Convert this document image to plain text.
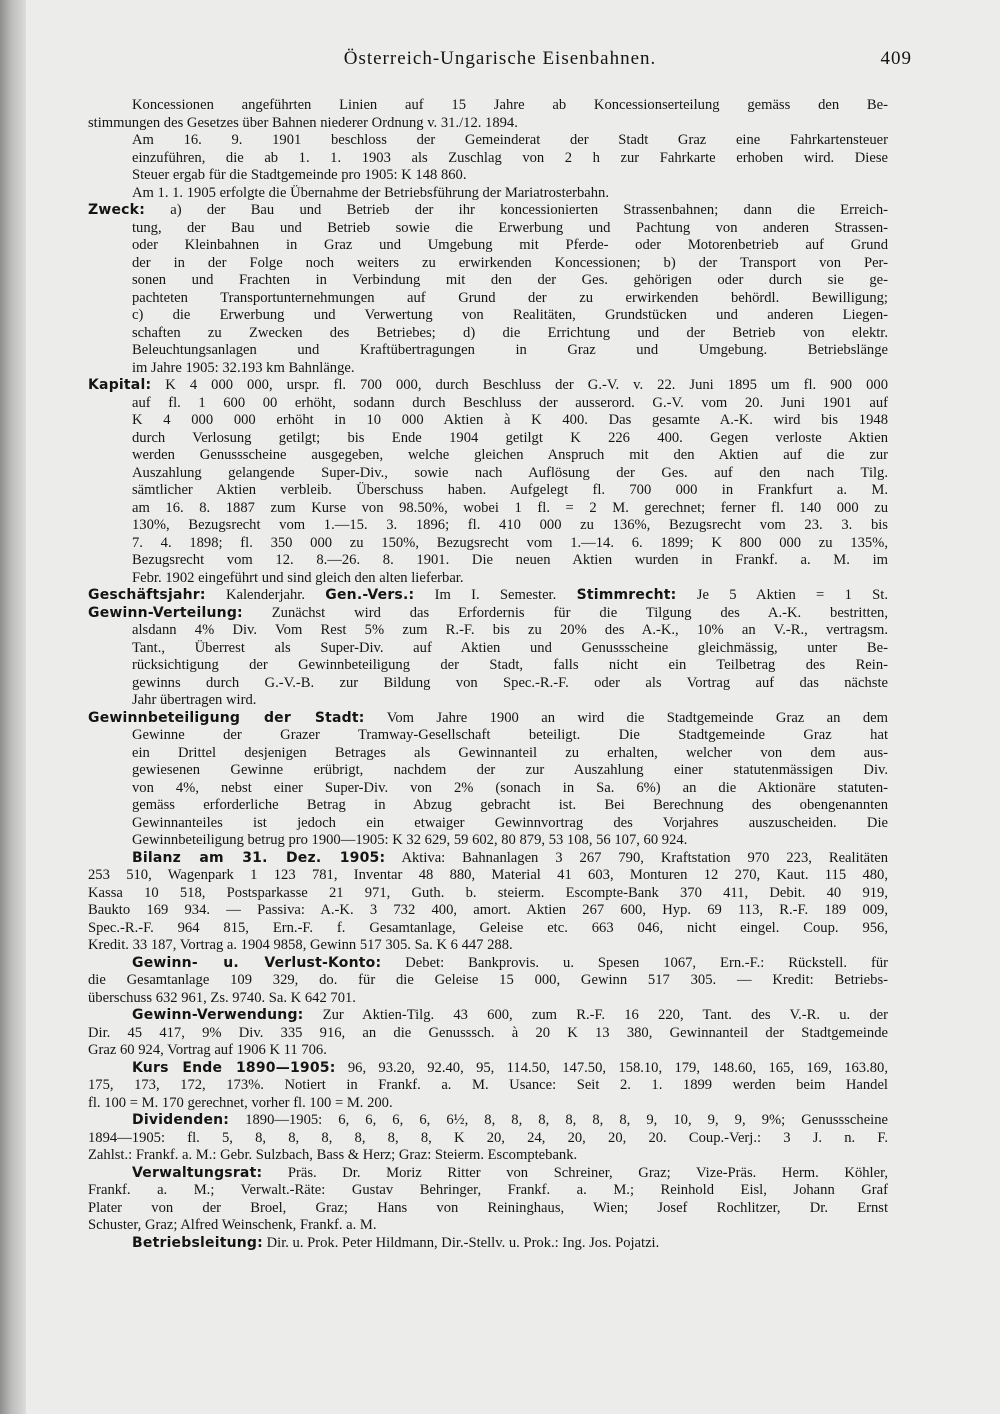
Österreich-Ungarische Eisenbahnen.	409
Koncessionen angeführten Linien auf 15 Jahre ab Koncessionserteilung gemäss den Be-
stimmungen des Gesetzes über Bahnen niederer Ordnung v. 31./12. 1894.
Am 16. 9. 1901 beschloss der Gemeinderat der Stadt Graz eine Fahrkartensteuer
einzuführen, die ab 1. 1. 1903 als Zuschlag von 2 h zur Fahrkarte erhoben wird. Diese
Steuer ergab für die Stadtgemeinde pro 1905: K 148 860.
Am 1. 1. 1905 erfolgte die Übernahme der Betriebsführung der Mariatrosterbahn.
Zweck: a) der Bau und Betrieb der ihr koncessionierten Strassenbahnen; dann die Erreich-
tung, der Bau und Betrieb sowie die Erwerbung und Pachtung von anderen Strassen-
oder Kleinbahnen in Graz und Umgebung mit Pferde- oder Motorenbetrieb auf Grund
der in der Folge noch weiters zu erwirkenden Koncessionen; b) der Transport von Per-
sonen und Frachten in Verbindung mit den der Ges. gehörigen oder durch sie ge-
pachteten Transportunternehmungen auf Grund der zu erwirkenden behördl. Bewilligung;
c) die Erwerbung und Verwertung von Realitäten, Grundstücken und anderen Liegen-
schaften zu Zwecken des Betriebes; d) die Errichtung und der Betrieb von elektr.
Beleuchtungsanlagen und Kraftübertragungen in Graz und Umgebung. Betriebslänge
im Jahre 1905: 32.193 km Bahnlänge.
Kapital: K 4 000 000, urspr. fl. 700 000, durch Beschluss der G.-V. v. 22. Juni 1895 um fl. 900 000
auf fl. 1 600 00 erhöht, sodann durch Beschluss der ausserord. G.-V. vom 20. Juni 1901 auf
K 4 000 000 erhöht in 10 000 Aktien à K 400. Das gesamte A.-K. wird bis 1948
durch Verlosung getilgt; bis Ende 1904 getilgt K 226 400. Gegen verloste Aktien
werden Genussscheine ausgegeben, welche gleichen Anspruch mit den Aktien auf die zur
Auszahlung gelangende Super-Div., sowie nach Auflösung der Ges. auf den nach Tilg.
sämtlicher Aktien verbleib. Überschuss haben. Aufgelegt fl. 700 000 in Frankfurt a. M.
am 16. 8. 1887 zum Kurse von 98.50%, wobei 1 fl. = 2 M. gerechnet; ferner fl. 140 000 zu
130%, Bezugsrecht vom 1.—15. 3. 1896; fl. 410 000 zu 136%, Bezugsrecht vom 23. 3. bis
7. 4. 1898; fl. 350 000 zu 150%, Bezugsrecht vom 1.—14. 6. 1899; K 800 000 zu 135%,
Bezugsrecht vom 12. 8.—26. 8. 1901. Die neuen Aktien wurden in Frankf. a. M. im
Febr. 1902 eingeführt und sind gleich den alten lieferbar.
Geschäftsjahr: Kalenderjahr. Gen.-Vers.: Im I. Semester. Stimmrecht: Je 5 Aktien = 1 St.
Gewinn-Verteilung: Zunächst wird das Erfordernis für die Tilgung des A.-K. bestritten,
alsdann 4% Div. Vom Rest 5% zum R.-F. bis zu 20% des A.-K., 10% an V.-R., vertragsm.
Tant., Überrest als Super-Div. auf Aktien und Genussscheine gleichmässig, unter Be-
rücksichtigung der Gewinnbeteiligung der Stadt, falls nicht ein Teilbetrag des Rein-
gewinns durch G.-V.-B. zur Bildung von Spec.-R.-F. oder als Vortrag auf das nächste
Jahr übertragen wird.
Gewinnbeteiligung der Stadt: Vom Jahre 1900 an wird die Stadtgemeinde Graz an dem
Gewinne der Grazer Tramway-Gesellschaft beteiligt. Die Stadtgemeinde Graz hat
ein Drittel desjenigen Betrages als Gewinnanteil zu erhalten, welcher von dem aus-
gewiesenen Gewinne erübrigt, nachdem der zur Auszahlung einer statutenmässigen Div.
von 4%, nebst einer Super-Div. von 2% (sonach in Sa. 6%) an die Aktionäre statuten-
gemäss erforderliche Betrag in Abzug gebracht ist. Bei Berechnung des obengenannten
Gewinnanteiles ist jedoch ein etwaiger Gewinnvortrag des Vorjahres auszuscheiden. Die
Gewinnbeteiligung betrug pro 1900—1905: K 32 629, 59 602, 80 879, 53 108, 56 107, 60 924.
Bilanz am 31. Dez. 1905: Aktiva: Bahnanlagen 3 267 790, Kraftstation 970 223, Realitäten
253 510, Wagenpark 1 123 781, Inventar 48 880, Material 41 603, Monturen 12 270, Kaut. 115 480,
Kassa 10 518, Postsparkasse 21 971, Guth. b. steierm. Escompte-Bank 370 411, Debit. 40 919,
Baukto 169 934. — Passiva: A.-K. 3 732 400, amort. Aktien 267 600, Hyp. 69 113, R.-F. 189 009,
Spec.-R.-F. 964 815, Ern.-F. f. Gesamtanlage, Geleise etc. 663 046, nicht eingel. Coup. 956,
Kredit. 33 187, Vortrag a. 1904 9858, Gewinn 517 305. Sa. K 6 447 288.
Gewinn- u. Verlust-Konto: Debet: Bankprovis. u. Spesen 1067, Ern.-F.: Rückstell. für
die Gesamtanlage 109 329, do. für die Geleise 15 000, Gewinn 517 305. — Kredit: Betriebs-
überschuss 632 961, Zs. 9740. Sa. K 642 701.
Gewinn-Verwendung: Zur Aktien-Tilg. 43 600, zum R.-F. 16 220, Tant. des V.-R. u. der
Dir. 45 417, 9% Div. 335 916, an die Genusssch. à 20 K 13 380, Gewinnanteil der Stadtgemeinde
Graz 60 924, Vortrag auf 1906 K 11 706.
Kurs Ende 1890—1905: 96, 93.20, 92.40, 95, 114.50, 147.50, 158.10, 179, 148.60, 165, 169, 163.80,
175, 173, 172, 173%. Notiert in Frankf. a. M. Usance: Seit 2. 1. 1899 werden beim Handel
fl. 100 = M. 170 gerechnet, vorher fl. 100 = M. 200.
Dividenden: 1890—1905: 6, 6, 6, 6, 6½, 8, 8, 8, 8, 8, 8, 9, 10, 9, 9, 9%; Genussscheine
1894—1905: fl. 5, 8, 8, 8, 8, 8, 8, K 20, 24, 20, 20, 20. Coup.-Verj.: 3 J. n. F.
Zahlst.: Frankf. a. M.: Gebr. Sulzbach, Bass & Herz; Graz: Steierm. Escomptebank.
Verwaltungsrat: Präs. Dr. Moriz Ritter von Schreiner, Graz; Vize-Präs. Herm. Köhler,
Frankf. a. M.; Verwalt.-Räte: Gustav Behringer, Frankf. a. M.; Reinhold Eisl, Johann Graf
Plater von der Broel, Graz; Hans von Reininghaus, Wien; Josef Rochlitzer, Dr. Ernst
Schuster, Graz; Alfred Weinschenk, Frankf. a. M.
Betriebsleitung: Dir. u. Prok. Peter Hildmann, Dir.-Stellv. u. Prok.: Ing. Jos. Pojatzi.
